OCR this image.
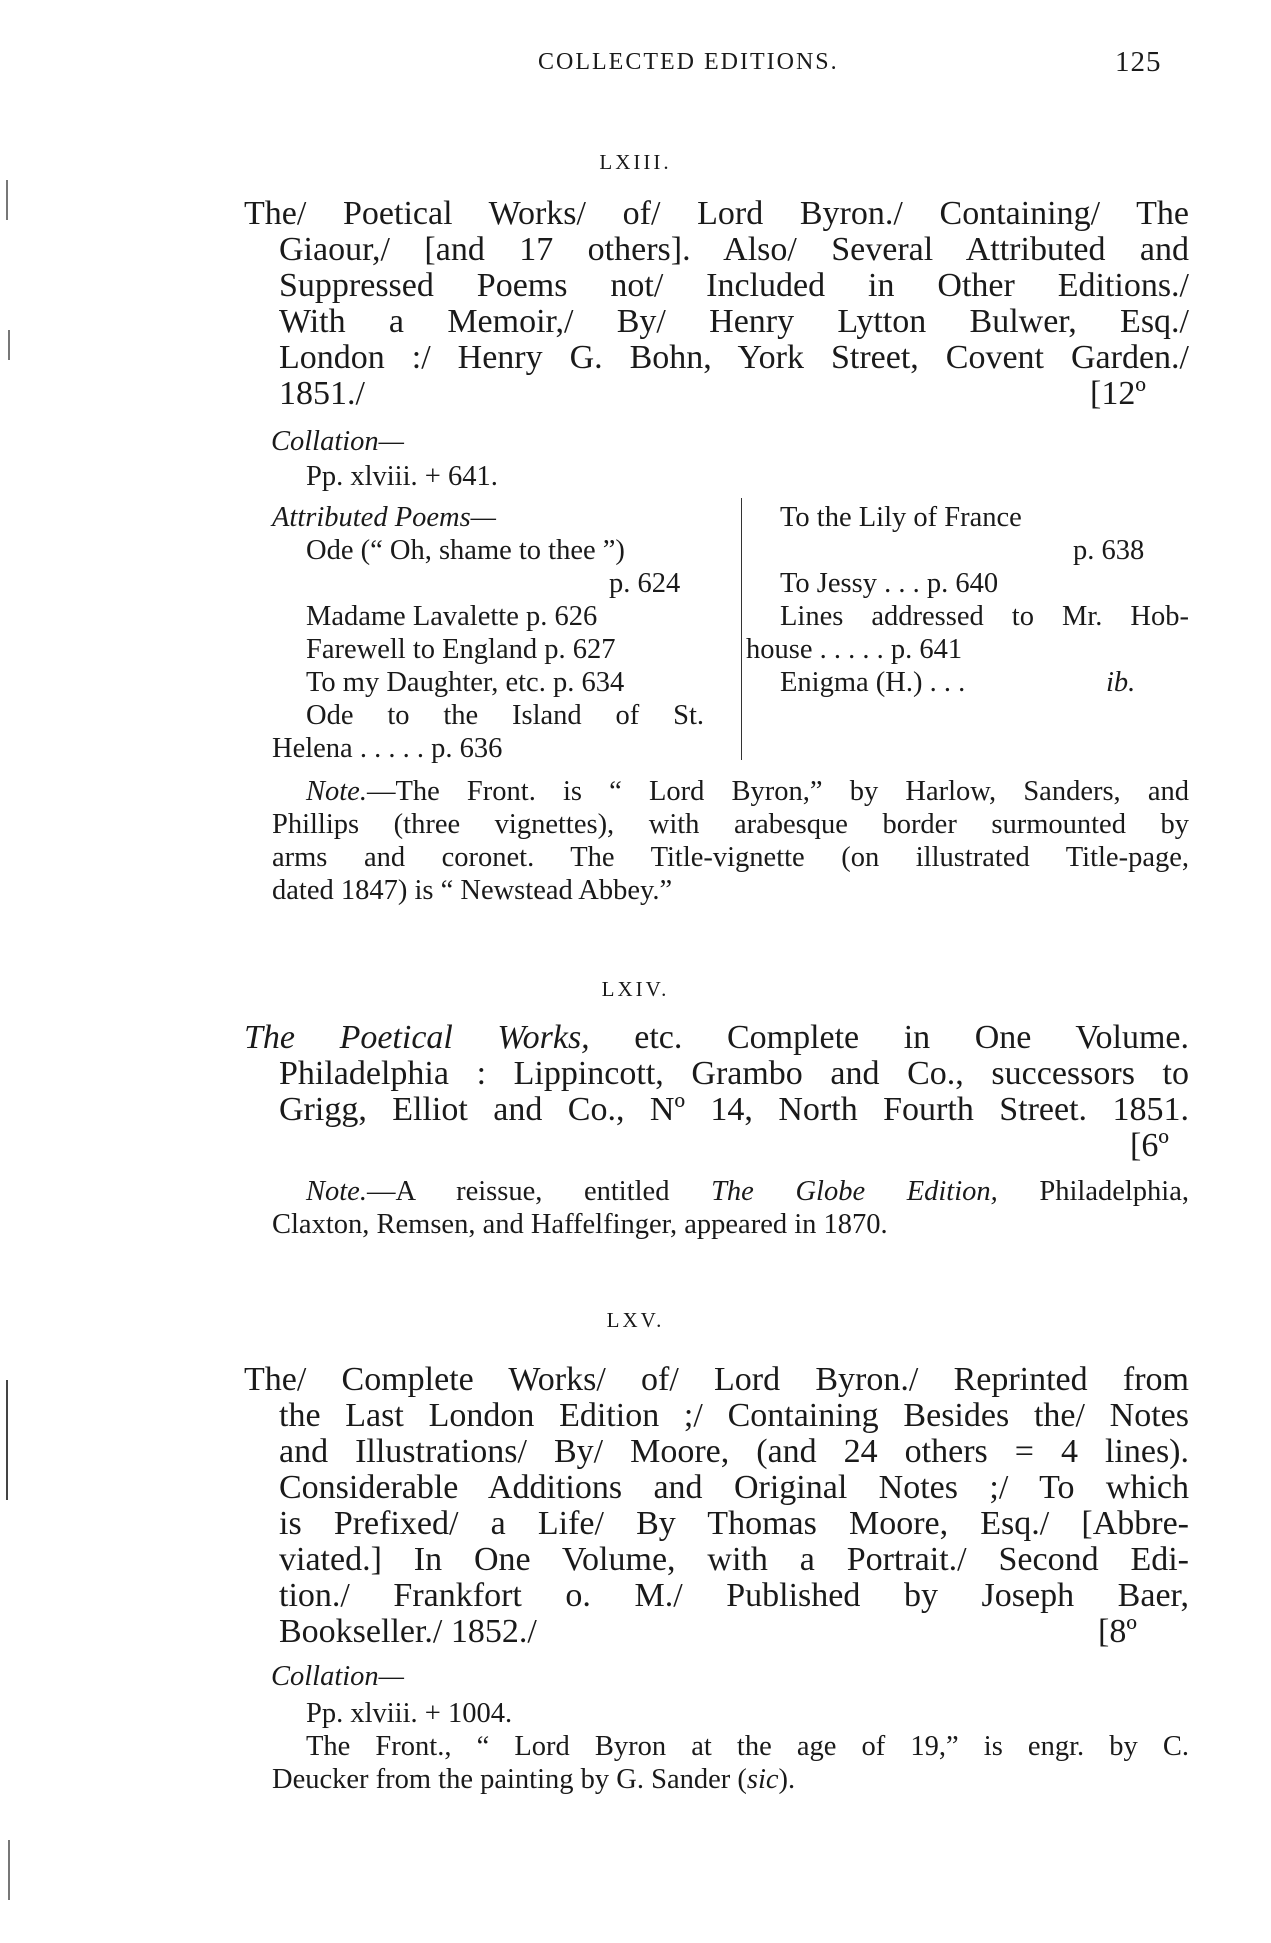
COLLECTED EDITIONS.	125
LXIII.
The/ Poetical Works/ of/ Lord Byron./ Containing/ The
Giaour,/ [and 17 others]. Also/ Several Attributed and
Suppressed Poems not/ Included in Other Editions./
With a Memoir,/ By/ Henry Lytton Bulwer, Esq./
London :/ Henry G. Bohn, York Street, Covent Garden./
1851./	[12º
Collation—
Pp. xlviii. + 641.
Attributed Poems—
Ode (“ Oh, shame to thee ”)
p. 624
Madame Lavalette p. 626
Farewell to England p. 627
To my Daughter, etc. p. 634
Ode to the Island of St.
Helena . . . . . p. 636
To the Lily of France
p. 638
To Jessy . . . p. 640
Lines addressed to Mr. Hob-
house . . . . . p. 641
Enigma (H.) . . .	ib.
Note.—The Front. is “ Lord Byron,” by Harlow, Sanders, and
Phillips (three vignettes), with arabesque border surmounted by
arms and coronet. The Title-vignette (on illustrated Title-page,
dated 1847) is “ Newstead Abbey.”
LXIV.
The Poetical Works, etc. Complete in One Volume.
Philadelphia : Lippincott, Grambo and Co., successors to
Grigg, Elliot and Co., Nº 14, North Fourth Street. 1851.
[6º
Note.—A reissue, entitled The Globe Edition, Philadelphia,
Claxton, Remsen, and Haffelfinger, appeared in 1870.
LXV.
The/ Complete Works/ of/ Lord Byron./ Reprinted from
the Last London Edition ;/ Containing Besides the/ Notes
and Illustrations/ By/ Moore, (and 24 others = 4 lines).
Considerable Additions and Original Notes ;/ To which
is Prefixed/ a Life/ By Thomas Moore, Esq./ [Abbre-
viated.] In One Volume, with a Portrait./ Second Edi-
tion./ Frankfort o. M./ Published by Joseph Baer,
Bookseller./ 1852./	[8º
Collation—
Pp. xlviii. + 1004.
The Front., “ Lord Byron at the age of 19,” is engr. by C.
Deucker from the painting by G. Sander (sic).
